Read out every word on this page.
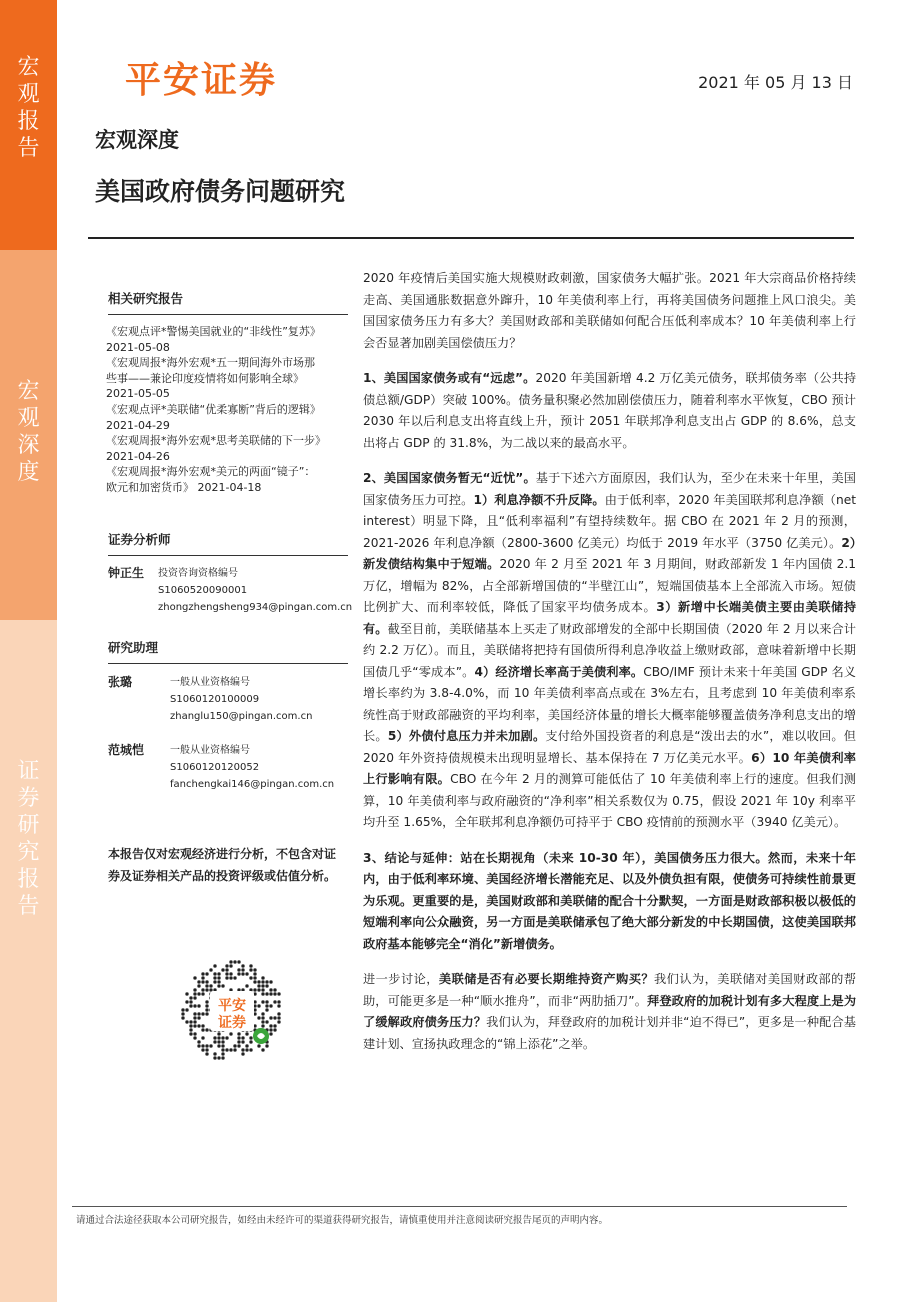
宏
观
报
告
宏
观
深
度
证
券
研
究
报
告
平安证券	2021 年 05 月 13 日
宏观深度
美国政府债务问题研究
相关研究报告
《宏观点评*警惕美国就业的“非线性”复苏》
2021-05-08
《宏观周报*海外宏观*五一期间海外市场那
些事——兼论印度疫情将如何影响全球》
2021-05-05
《宏观点评*美联储“优柔寡断”背后的逻辑》
2021-04-29
《宏观周报*海外宏观*思考美联储的下一步》
2021-04-26
《宏观周报*海外宏观*美元的两面“镜子”：
欧元和加密货币》 2021-04-18
证券分析师
钟正生	投资咨询资格编号
S1060520090001
zhongzhengsheng934@pingan.com.cn
研究助理
张璐	一般从业资格编号
S1060120100009
zhanglu150@pingan.com.cn
范城恺	一般从业资格编号
S1060120120052
fanchengkai146@pingan.com.cn
本报告仅对宏观经济进行分析，不包含对证券及证券相关产品的投资评级或估值分析。
平安
证券

2020 年疫情后美国实施大规模财政刺激，国家债务大幅扩张。2021 年大宗商品价格持续走高、美国通胀数据意外蹿升，10 年美债利率上行，再将美国债务问题推上风口浪尖。美国国家债务压力有多大？美国财政部和美联储如何配合压低利率成本？10 年美债利率上行会否显著加剧美国偿债压力？

1、美国国家债务或有“远虑”。2020 年美国新增 4.2 万亿美元债务，联邦债务率（公共持债总额/GDP）突破 100%。债务量积聚必然加剧偿债压力，随着利率水平恢复，CBO 预计 2030 年以后利息支出将直线上升，预计 2051 年联邦净利息支出占 GDP 的 8.6%，总支出将占 GDP 的 31.8%，为二战以来的最高水平。

2、美国国家债务暂无“近忧”。基于下述六方面原因，我们认为，至少在未来十年里，美国国家债务压力可控。1）利息净额不升反降。由于低利率，2020 年美国联邦利息净额（net interest）明显下降，且“低利率福利”有望持续数年。据 CBO 在 2021 年 2 月的预测，2021-2026 年利息净额（2800-3600 亿美元）均低于 2019 年水平（3750 亿美元）。2）新发债结构集中于短端。2020 年 2 月至 2021 年 3 月期间，财政部新发 1 年内国债 2.1 万亿，增幅为 82%，占全部新增国债的“半壁江山”，短端国债基本上全部流入市场。短债比例扩大、而利率较低，降低了国家平均债务成本。3）新增中长端美债主要由美联储持有。截至目前，美联储基本上买走了财政部增发的全部中长期国债（2020 年 2 月以来合计约 2.2 万亿）。而且，美联储将把持有国债所得利息净收益上缴财政部，意味着新增中长期国债几乎“零成本”。4）经济增长率高于美债利率。CBO/IMF 预计未来十年美国 GDP 名义增长率约为 3.8-4.0%，而 10 年美债利率高点或在 3%左右，且考虑到 10 年美债利率系统性高于财政部融资的平均利率，美国经济体量的增长大概率能够覆盖债务净利息支出的增长。5）外债付息压力并未加剧。支付给外国投资者的利息是“泼出去的水”，难以收回。但 2020 年外资持债规模未出现明显增长、基本保持在 7 万亿美元水平。6）10 年美债利率上行影响有限。CBO 在今年 2 月的测算可能低估了 10 年美债利率上行的速度。但我们测算，10 年美债利率与政府融资的“净利率”相关系数仅为 0.75，假设 2021 年 10y 利率平均升至 1.65%，全年联邦利息净额仍可持平于 CBO 疫情前的预测水平（3940 亿美元）。

3、结论与延伸：站在长期视角（未来 10-30 年），美国债务压力很大。然而，未来十年内，由于低利率环境、美国经济增长潜能充足、以及外债负担有限，使债务可持续性前景更为乐观。更重要的是，美国财政部和美联储的配合十分默契，一方面是财政部积极以极低的短端利率向公众融资，另一方面是美联储承包了绝大部分新发的中长期国债，这使美国联邦政府基本能够完全“消化”新增债务。

进一步讨论，美联储是否有必要长期维持资产购买？我们认为，美联储对美国财政部的帮助，可能更多是一种“顺水推舟”，而非“两肋插刀”。拜登政府的加税计划有多大程度上是为了缓解政府债务压力？我们认为，拜登政府的加税计划并非“迫不得已”，更多是一种配合基建计划、宣扬执政理念的“锦上添花”之举。

请通过合法途径获取本公司研究报告，如经由未经许可的渠道获得研究报告，请慎重使用并注意阅读研究报告尾页的声明内容。
